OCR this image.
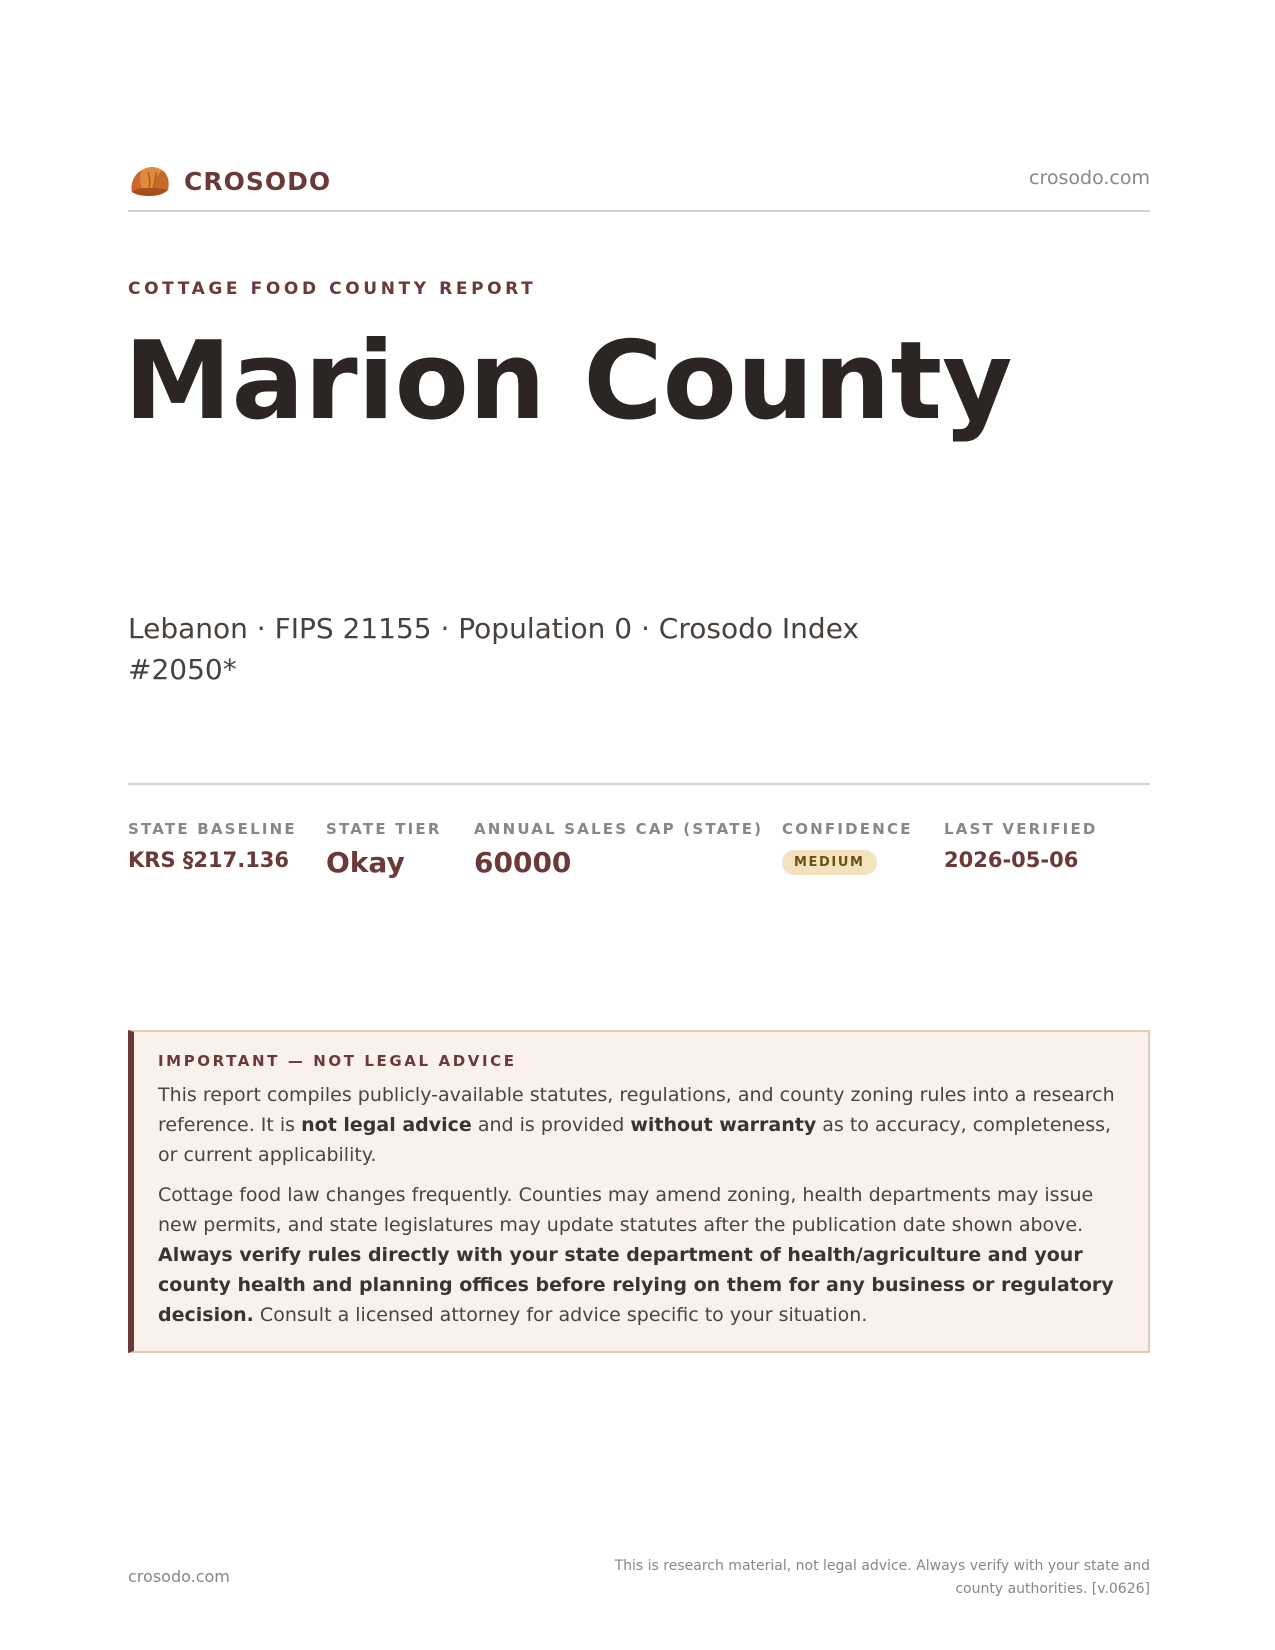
CROSODO	crosodo.com
COTTAGE FOOD COUNTY REPORT
Marion County
Lebanon · FIPS 21155 · Population 0 · Crosodo Index #2050*
STATE BASELINE
KRS §217.136
STATE TIER
Okay
ANNUAL SALES CAP (STATE)
60000
CONFIDENCE
MEDIUM
LAST VERIFIED
2026-05-06
IMPORTANT — NOT LEGAL ADVICE

This report compiles publicly-available statutes, regulations, and county zoning rules into a research reference. It is not legal advice and is provided without warranty as to accuracy, completeness, or current applicability.

Cottage food law changes frequently. Counties may amend zoning, health departments may issue new permits, and state legislatures may update statutes after the publication date shown above. Always verify rules directly with your state department of health/agriculture and your county health and planning offices before relying on them for any business or regulatory decision. Consult a licensed attorney for advice specific to your situation.

crosodo.com
This is research material, not legal advice. Always verify with your state and county authorities. [v.0626]
